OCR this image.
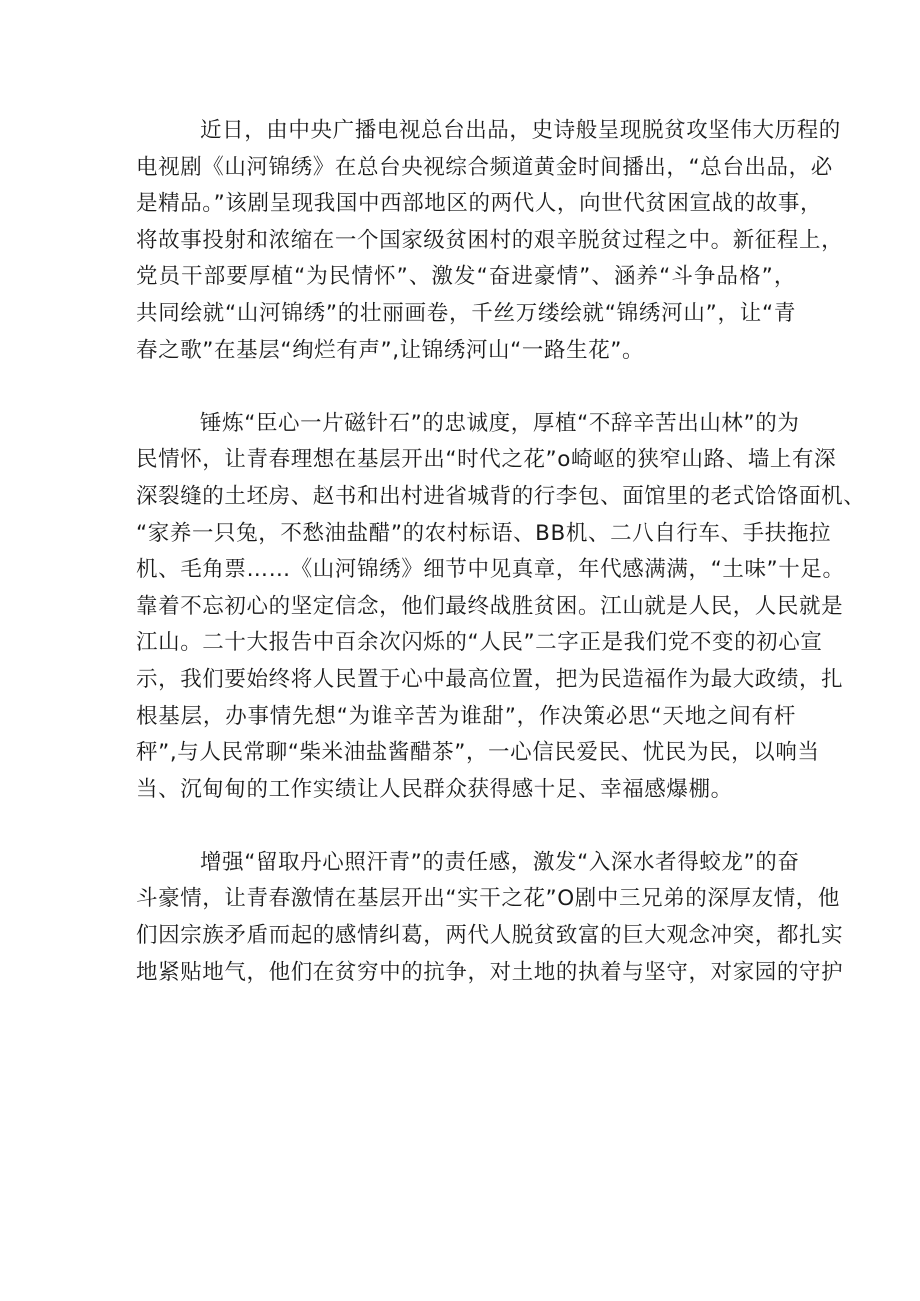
近日，由中央广播电视总台出品，史诗般呈现脱贫攻坚伟大历程的
电视剧《山河锦绣》在总台央视综合频道黄金时间播出，“总台出品，必
是精品。”该剧呈现我国中西部地区的两代人，向世代贫困宣战的故事，
将故事投射和浓缩在一个国家级贫困村的艰辛脱贫过程之中。新征程上，
党员干部要厚植“为民情怀”、激发“奋进豪情”、涵养“斗争品格”，
共同绘就“山河锦绣”的壮丽画卷，千丝万缕绘就“锦绣河山”，让“青
春之歌”在基层“绚烂有声”,让锦绣河山“一路生花”。
锤炼“臣心一片磁针石”的忠诚度，厚植“不辞辛苦出山林”的为
民情怀，让青春理想在基层开出“时代之花”o崎岖的狭窄山路、墙上有深
深裂缝的土坯房、赵书和出村进省城背的行李包、面馆里的老式饸饹面机、
“家养一只兔，不愁油盐醋”的农村标语、BB机、二八自行车、手扶拖拉
机、毛角票……《山河锦绣》细节中见真章，年代感满满，“土味”十足。
靠着不忘初心的坚定信念，他们最终战胜贫困。江山就是人民，人民就是
江山。二十大报告中百余次闪烁的“人民”二字正是我们党不变的初心宣
示，我们要始终将人民置于心中最高位置，把为民造福作为最大政绩，扎
根基层，办事情先想“为谁辛苦为谁甜”，作决策必思“天地之间有杆
秤”,与人民常聊“柴米油盐酱醋茶”，一心信民爱民、忧民为民，以响当
当、沉甸甸的工作实绩让人民群众获得感十足、幸福感爆棚。
增强“留取丹心照汗青”的责任感，激发“入深水者得蛟龙”的奋
斗豪情，让青春激情在基层开出“实干之花”O剧中三兄弟的深厚友情，他
们因宗族矛盾而起的感情纠葛，两代人脱贫致富的巨大观念冲突，都扎实
地紧贴地气，他们在贫穷中的抗争，对土地的执着与坚守，对家园的守护
